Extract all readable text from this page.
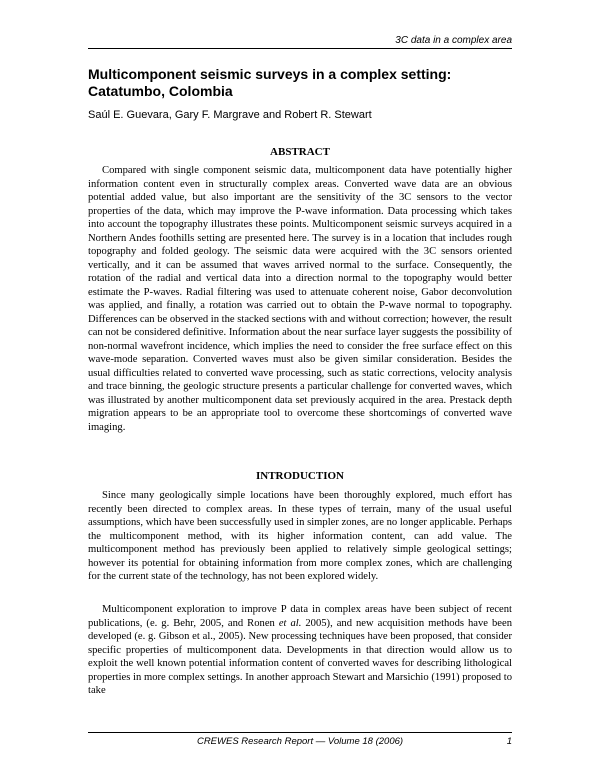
3C data in a complex area
Multicomponent seismic surveys in a complex setting: Catatumbo, Colombia
Saúl E. Guevara, Gary F. Margrave and Robert R. Stewart
ABSTRACT

Compared with single component seismic data, multicomponent data have potentially higher information content even in structurally complex areas. Converted wave data are an obvious potential added value, but also important are the sensitivity of the 3C sensors to the vector properties of the data, which may improve the P-wave information. Data processing which takes into account the topography illustrates these points. Multicomponent seismic surveys acquired in a Northern Andes foothills setting are presented here. The survey is in a location that includes rough topography and folded geology. The seismic data were acquired with the 3C sensors oriented vertically, and it can be assumed that waves arrived normal to the surface. Consequently, the rotation of the radial and vertical data into a direction normal to the topography would better estimate the P-waves. Radial filtering was used to attenuate coherent noise, Gabor deconvolution was applied, and finally, a rotation was carried out to obtain the P-wave normal to topography. Differences can be observed in the stacked sections with and without correction; however, the result can not be considered definitive. Information about the near surface layer suggests the possibility of non-normal wavefront incidence, which implies the need to consider the free surface effect on this wave-mode separation. Converted waves must also be given similar consideration. Besides the usual difficulties related to converted wave processing, such as static corrections, velocity analysis and trace binning, the geologic structure presents a particular challenge for converted waves, which was illustrated by another multicomponent data set previously acquired in the area. Prestack depth migration appears to be an appropriate tool to overcome these shortcomings of converted wave imaging.

INTRODUCTION

Since many geologically simple locations have been thoroughly explored, much effort has recently been directed to complex areas. In these types of terrain, many of the usual useful assumptions, which have been successfully used in simpler zones, are no longer applicable. Perhaps the multicomponent method, with its higher information content, can add value. The multicomponent method has previously been applied to relatively simple geological settings; however its potential for obtaining information from more complex zones, which are challenging for the current state of the technology, has not been explored widely.

Multicomponent exploration to improve P data in complex areas have been subject of recent publications, (e. g. Behr, 2005, and Ronen et al. 2005), and new acquisition methods have been developed (e. g. Gibson et al., 2005). New processing techniques have been proposed, that consider specific properties of multicomponent data. Developments in that direction would allow us to exploit the well known potential information content of converted waves for describing lithological properties in more complex settings. In another approach Stewart and Marsichio (1991) proposed to take

CREWES Research Report — Volume 18 (2006)	1
